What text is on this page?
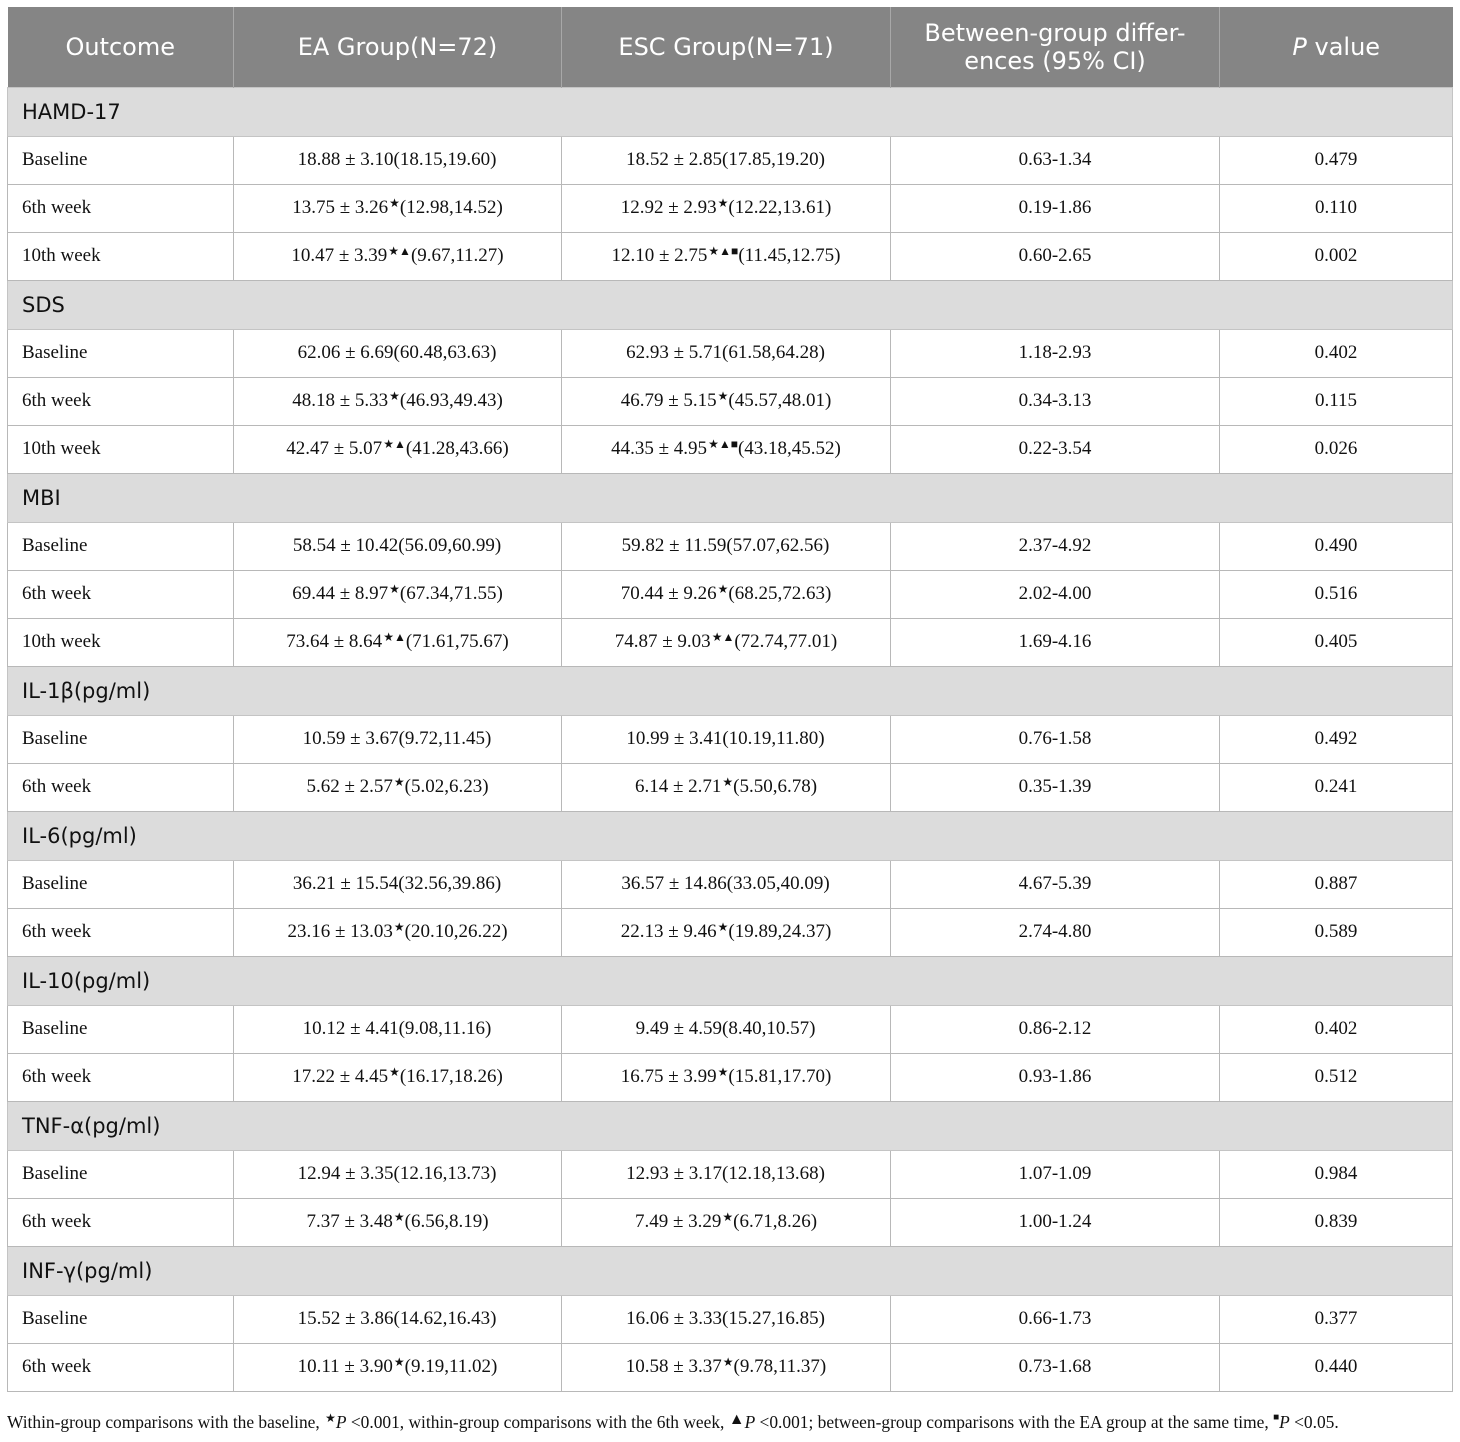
Outcome	EA Group(N=72)	ESC Group(N=71)	Between-group differ-
ences (95% CI)	P value
HAMD-17				
Baseline	18.88 ± 3.10(18.15,19.60)	18.52 ± 2.85(17.85,19.20)	0.63-1.34	0.479
6th week	13.75 ± 3.26★(12.98,14.52)	12.92 ± 2.93★(12.22,13.61)	0.19-1.86	0.110
10th week	10.47 ± 3.39★▲(9.67,11.27)	12.10 ± 2.75★▲■(11.45,12.75)	0.60-2.65	0.002
SDS				
Baseline	62.06 ± 6.69(60.48,63.63)	62.93 ± 5.71(61.58,64.28)	1.18-2.93	0.402
6th week	48.18 ± 5.33★(46.93,49.43)	46.79 ± 5.15★(45.57,48.01)	0.34-3.13	0.115
10th week	42.47 ± 5.07★▲(41.28,43.66)	44.35 ± 4.95★▲■(43.18,45.52)	0.22-3.54	0.026
MBI				
Baseline	58.54 ± 10.42(56.09,60.99)	59.82 ± 11.59(57.07,62.56)	2.37-4.92	0.490
6th week	69.44 ± 8.97★(67.34,71.55)	70.44 ± 9.26★(68.25,72.63)	2.02-4.00	0.516
10th week	73.64 ± 8.64★▲(71.61,75.67)	74.87 ± 9.03★▲(72.74,77.01)	1.69-4.16	0.405
IL-1β(pg/ml)				
Baseline	10.59 ± 3.67(9.72,11.45)	10.99 ± 3.41(10.19,11.80)	0.76-1.58	0.492
6th week	5.62 ± 2.57★(5.02,6.23)	6.14 ± 2.71★(5.50,6.78)	0.35-1.39	0.241
IL-6(pg/ml)				
Baseline	36.21 ± 15.54(32.56,39.86)	36.57 ± 14.86(33.05,40.09)	4.67-5.39	0.887
6th week	23.16 ± 13.03★(20.10,26.22)	22.13 ± 9.46★(19.89,24.37)	2.74-4.80	0.589
IL-10(pg/ml)				
Baseline	10.12 ± 4.41(9.08,11.16)	9.49 ± 4.59(8.40,10.57)	0.86-2.12	0.402
6th week	17.22 ± 4.45★(16.17,18.26)	16.75 ± 3.99★(15.81,17.70)	0.93-1.86	0.512
TNF-α(pg/ml)				
Baseline	12.94 ± 3.35(12.16,13.73)	12.93 ± 3.17(12.18,13.68)	1.07-1.09	0.984
6th week	7.37 ± 3.48★(6.56,8.19)	7.49 ± 3.29★(6.71,8.26)	1.00-1.24	0.839
INF-γ(pg/ml)				
Baseline	15.52 ± 3.86(14.62,16.43)	16.06 ± 3.33(15.27,16.85)	0.66-1.73	0.377
6th week	10.11 ± 3.90★(9.19,11.02)	10.58 ± 3.37★(9.78,11.37)	0.73-1.68	0.440
Within-group comparisons with the baseline, ★P <0.001, within-group comparisons with the 6th week, ▲P <0.001; between-group comparisons with the EA group at the same time, ■P <0.05.
